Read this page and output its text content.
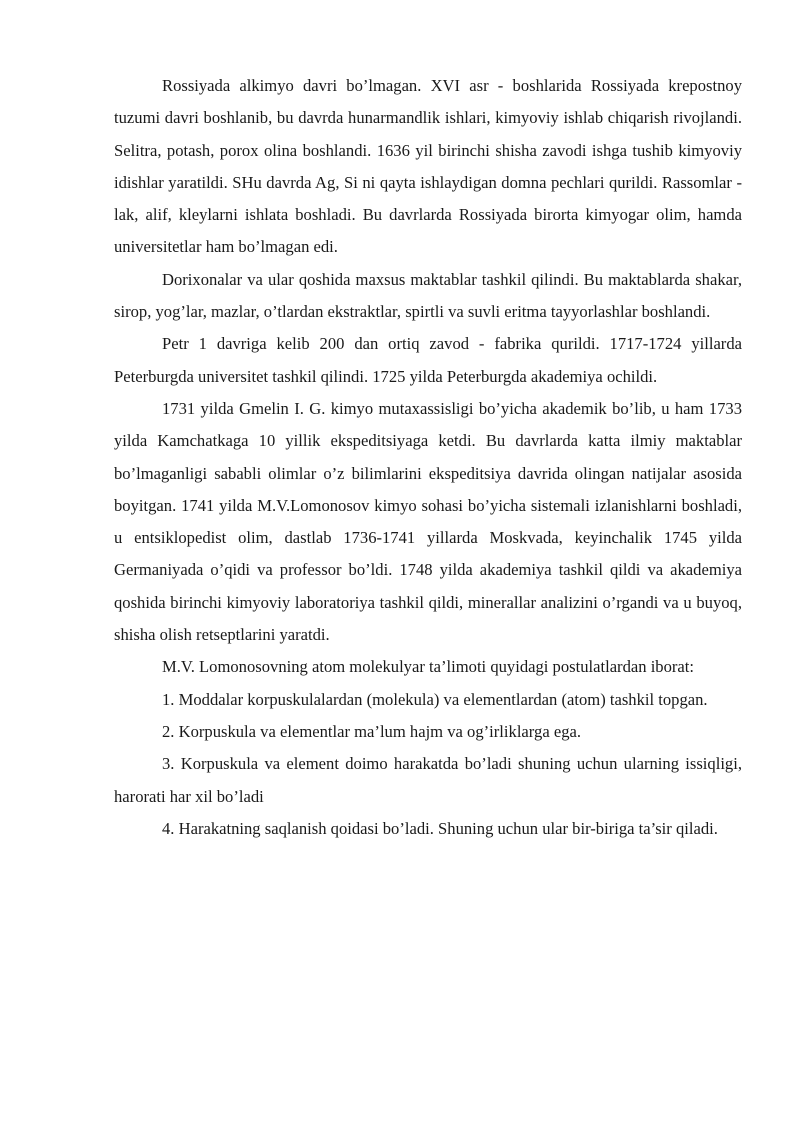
Rossiyada alkimyo davri bo’lmagan. XVI asr - boshlarida Rossiyada krepostnoy tuzumi davri boshlanib, bu davrda hunarmandlik ishlari, kimyoviy ishlab chiqarish rivojlandi. Selitra, potash, porox olina boshlandi. 1636 yil birinchi shisha zavodi ishga tushib kimyoviy idishlar yaratildi. SHu davrda Ag, Si ni qayta ishlaydigan domna pechlari qurildi. Rassomlar - lak, alif, kleylarni ishlata boshladi. Bu davrlarda Rossiyada birorta kimyogar olim, hamda universitetlar ham bo’lmagan edi.

Dorixonalar va ular qoshida maxsus maktablar tashkil qilindi. Bu maktablarda shakar, sirop, yog’lar, mazlar, o’tlardan ekstraktlar, spirtli va suvli eritma tayyorlashlar boshlandi.

Petr 1 davriga kelib 200 dan ortiq zavod - fabrika qurildi. 1717-1724 yillarda Peterburgda universitet tashkil qilindi. 1725 yilda Peterburgda akademiya ochildi.

1731 yilda Gmelin I. G. kimyo mutaxassisligi bo’yicha akademik bo’lib, u ham 1733 yilda Kamchatkaga 10 yillik ekspeditsiyaga ketdi. Bu davrlarda katta ilmiy maktablar bo’lmaganligi sababli olimlar o’z bilimlarini ekspeditsiya davrida olingan natijalar asosida boyitgan. 1741 yilda M.V.Lomonosov kimyo sohasi bo’yicha sistemali izlanishlarni boshladi, u entsiklopedist olim, dastlab 1736-1741 yillarda Moskvada, keyinchalik 1745 yilda Germaniyada o’qidi va professor bo’ldi. 1748 yilda akademiya tashkil qildi va akademiya qoshida birinchi kimyoviy laboratoriya tashkil qildi, minerallar analizini o’rgandi va u buyoq, shisha olish retseptlarini yaratdi.

M.V. Lomonosovning atom molekulyar ta’limoti quyidagi postulatlardan iborat:

1. Moddalar korpuskulalardan (molekula) va elementlardan (atom) tashkil topgan.

2. Korpuskula va elementlar ma’lum hajm va og’irliklarga ega.

3. Korpuskula va element doimo harakatda bo’ladi shuning uchun ularning issiqligi, harorati har xil bo’ladi

4. Harakatning saqlanish qoidasi bo’ladi. Shuning uchun ular bir-biriga ta’sir qiladi.
